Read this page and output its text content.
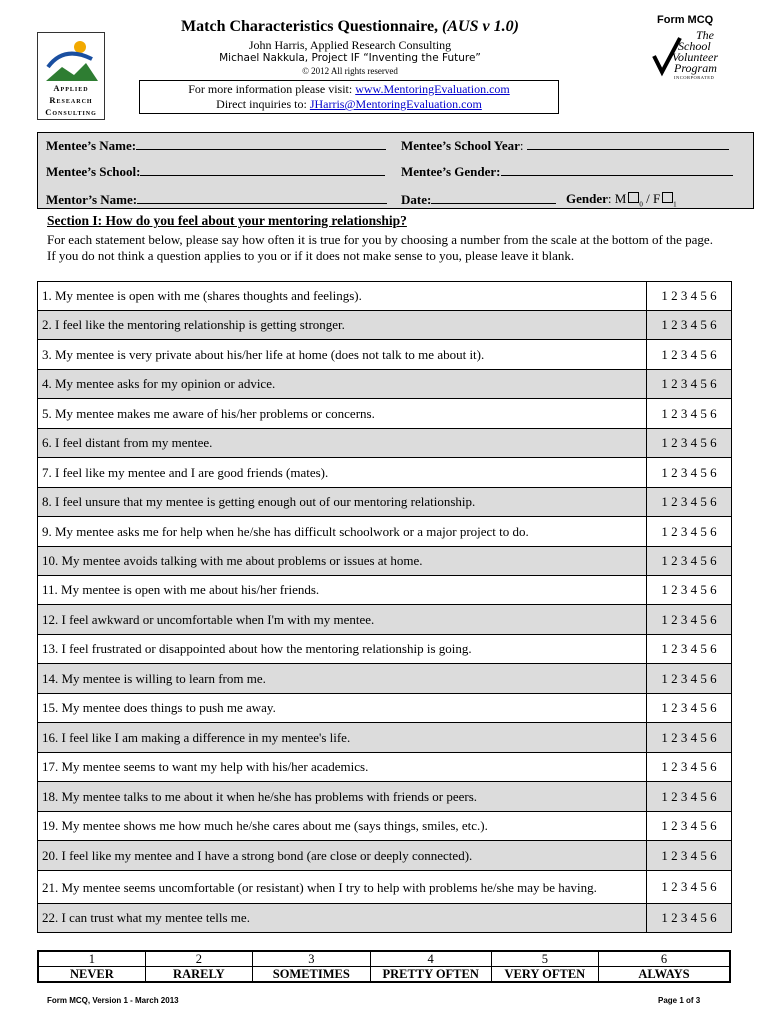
Applied
Research
Consulting
Match Characteristics Questionnaire, (AUS v 1.0)
John Harris, Applied Research Consulting
Michael Nakkula, Project IF “Inventing the Future”
© 2012 All rights reserved
For more information please visit: www.MentoringEvaluation.com
Direct inquiries to: JHarris@MentoringEvaluation.com
Form MCQ
The
School
Volunteer
Program
INCORPORATED
Mentee’s Name:	Mentee’s School Year:
Mentee’s School:	Mentee’s Gender:
Mentor’s Name:	Date:	Gender: M $_0$ / F $_1$
Section I: How do you feel about your mentoring relationship?
For each statement below, please say how often it is true for you by choosing a number from the scale at the bottom of the page. If you do not think a question applies to you or if it does not make sense to you, please leave it blank.
1. My mentee is open with me (shares thoughts and feelings).	1 2 3 4 5 6
2. I feel like the mentoring relationship is getting stronger.	1 2 3 4 5 6
3. My mentee is very private about his/her life at home (does not talk to me about it).	1 2 3 4 5 6
4. My mentee asks for my opinion or advice.	1 2 3 4 5 6
5. My mentee makes me aware of his/her problems or concerns.	1 2 3 4 5 6
6. I feel distant from my mentee.	1 2 3 4 5 6
7. I feel like my mentee and I are good friends (mates).	1 2 3 4 5 6
8. I feel unsure that my mentee is getting enough out of our mentoring relationship.	1 2 3 4 5 6
9. My mentee asks me for help when he/she has difficult schoolwork or a major project to do.	1 2 3 4 5 6
10. My mentee avoids talking with me about problems or issues at home.	1 2 3 4 5 6
11. My mentee is open with me about his/her friends.	1 2 3 4 5 6
12. I feel awkward or uncomfortable when I'm with my mentee.	1 2 3 4 5 6
13. I feel frustrated or disappointed about how the mentoring relationship is going.	1 2 3 4 5 6
14. My mentee is willing to learn from me.	1 2 3 4 5 6
15. My mentee does things to push me away.	1 2 3 4 5 6
16. I feel like I am making a difference in my mentee's life.	1 2 3 4 5 6
17. My mentee seems to want my help with his/her academics.	1 2 3 4 5 6
18. My mentee talks to me about it when he/she has problems with friends or peers.	1 2 3 4 5 6
19. My mentee shows me how much he/she cares about me (says things, smiles, etc.).	1 2 3 4 5 6
20. I feel like my mentee and I have a strong bond (are close or deeply connected).	1 2 3 4 5 6
21. My mentee seems uncomfortable (or resistant) when I try to help with problems he/she may be having.	1 2 3 4 5 6
22. I can trust what my mentee tells me.	1 2 3 4 5 6
1	2	3	4	5	6
NEVER	RARELY	SOMETIMES	PRETTY OFTEN	VERY OFTEN	ALWAYS
Form MCQ, Version 1 - March 2013	Page 1 of 3
